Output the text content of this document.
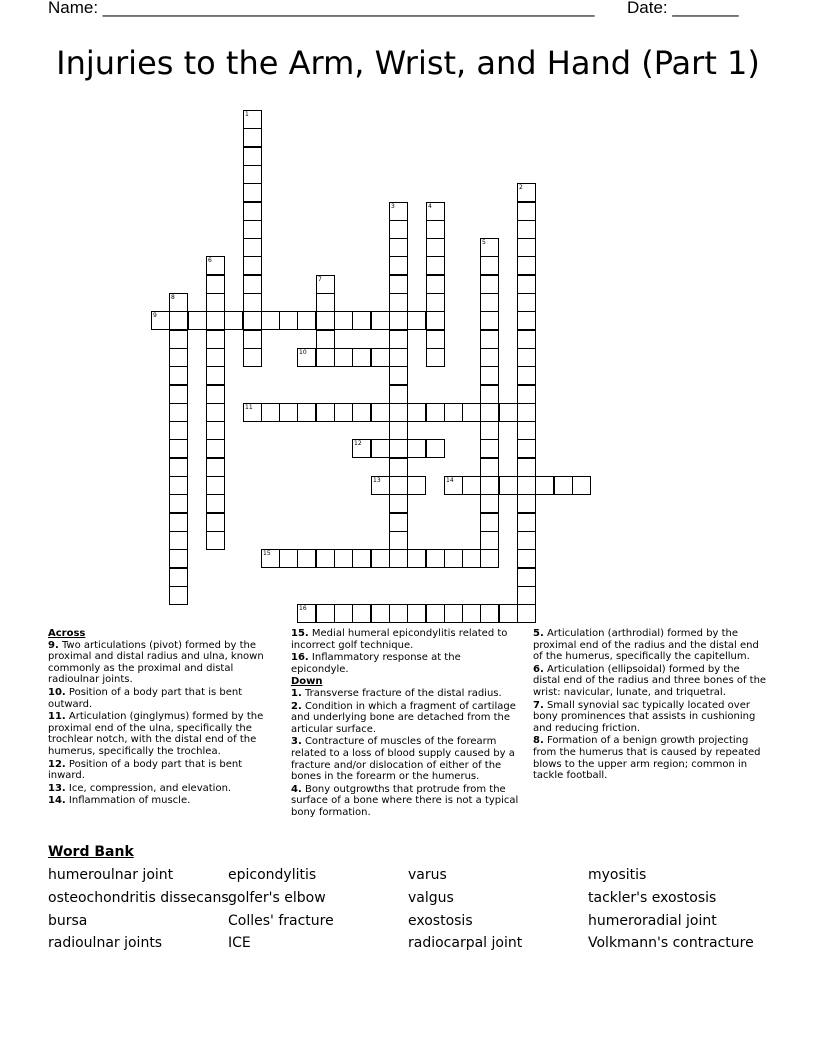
Name: ____________________________________________________ Date: _______
Injuries to the Arm, Wrist, and Hand (Part 1)
1
2
3	4
5
6
7
8
9
10
11
12
13	14
15
16
Across
9. Two articulations (pivot) formed by the proximal and distal radius and ulna, known commonly as the proximal and distal radioulnar joints.
10. Position of a body part that is bent outward.
11. Articulation (ginglymus) formed by the proximal end of the ulna, specifically the trochlear notch, with the distal end of the humerus, specifically the trochlea.
12. Position of a body part that is bent inward.
13. Ice, compression, and elevation.
14. Inflammation of muscle.
15. Medial humeral epicondylitis related to incorrect golf technique.
16. Inflammatory response at the epicondyle.
Down
1. Transverse fracture of the distal radius.
2. Condition in which a fragment of cartilage and underlying bone are detached from the articular surface.
3. Contracture of muscles of the forearm related to a loss of blood supply caused by a fracture and/or dislocation of either of the bones in the forearm or the humerus.
4. Bony outgrowths that protrude from the surface of a bone where there is not a typical bony formation.
5. Articulation (arthrodial) formed by the proximal end of the radius and the distal end of the humerus, specifically the capitellum.
6. Articulation (ellipsoidal) formed by the distal end of the radius and three bones of the wrist: navicular, lunate, and triquetral.
7. Small synovial sac typically located over bony prominences that assists in cushioning and reducing friction.
8. Formation of a benign growth projecting from the humerus that is caused by repeated blows to the upper arm region; common in tackle football.
Word Bank
humeroulnar joint
osteochondritis dissecans
bursa
radioulnar joints
epicondylitis
golfer's elbow
Colles' fracture
ICE
varus
valgus
exostosis
radiocarpal joint
myositis
tackler's exostosis
humeroradial joint
Volkmann's contracture
